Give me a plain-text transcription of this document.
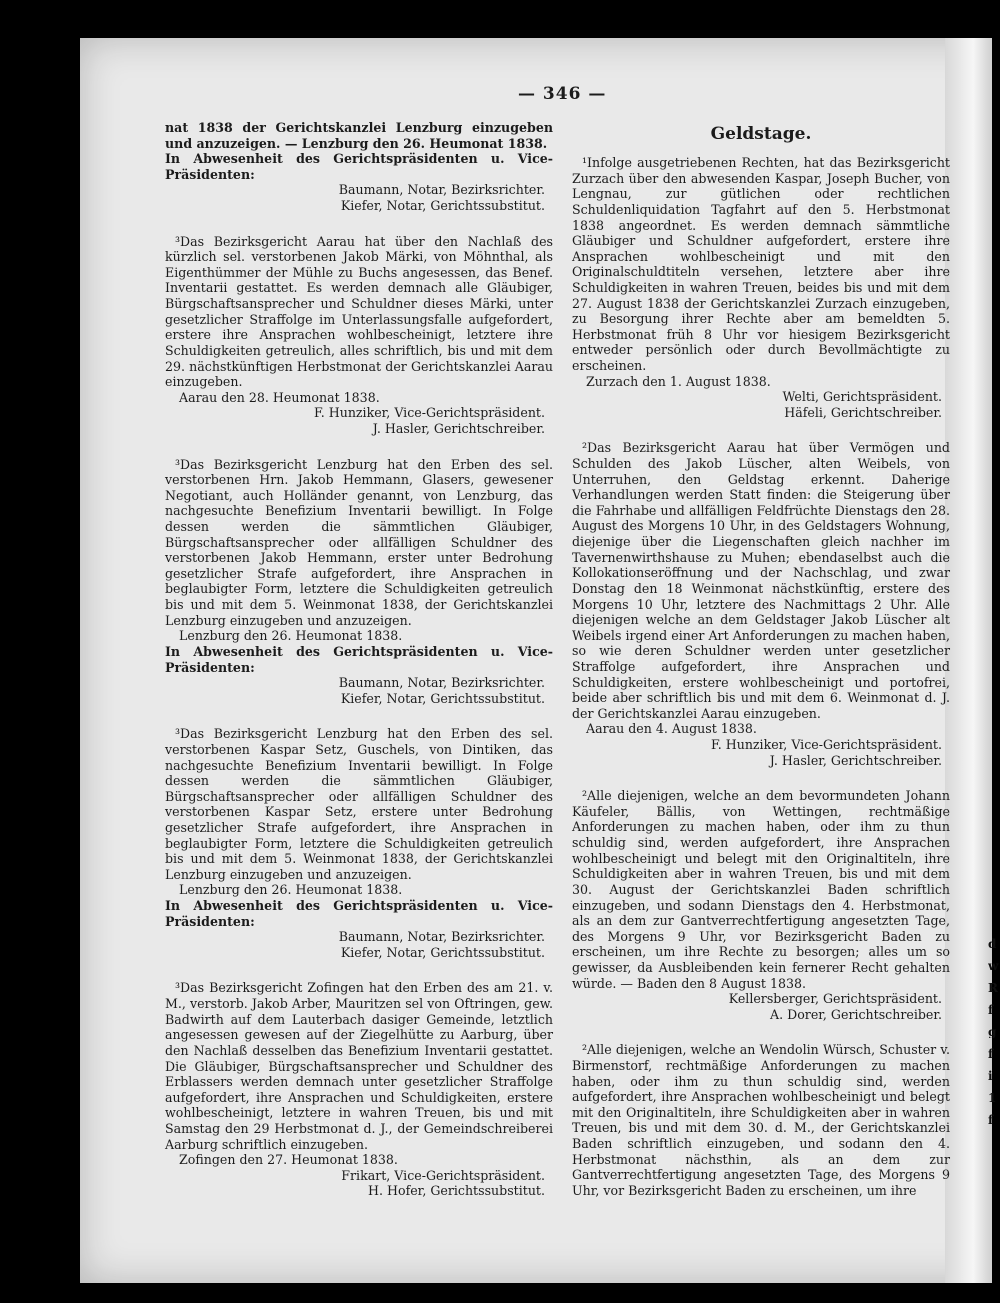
— 346 —

nat 1838 der Gerichtskanzlei Lenzburg einzugeben und anzuzeigen. — Lenzburg den 26. Heumonat 1838.

In Abwesenheit des Gerichtspräsidenten u. Vice-Präsidenten:

Baumann, Notar, Bezirksrichter.
Kiefer, Notar, Gerichtssubstitut.

³Das Bezirksgericht Aarau hat über den Nachlaß des kürzlich sel. verstorbenen Jakob Märki, von Möhnthal, als Eigenthümmer der Mühle zu Buchs angesessen, das Benef. Inventarii gestattet. Es werden demnach alle Gläubiger, Bürgschaftsansprecher und Schuldner dieses Märki, unter gesetzlicher Straffolge im Unterlassungsfalle aufgefordert, erstere ihre Ansprachen wohlbescheinigt, letztere ihre Schuldigkeiten getreulich, alles schriftlich, bis und mit dem 29. nächstkünftigen Herbstmonat der Gerichtskanzlei Aarau einzugeben.

Aarau den 28. Heumonat 1838.
F. Hunziker, Vice-Gerichtspräsident.
J. Hasler, Gerichtschreiber.

³Das Bezirksgericht Lenzburg hat den Erben des sel. verstorbenen Hrn. Jakob Hemmann, Glasers, gewesener Negotiant, auch Holländer genannt, von Lenzburg, das nachgesuchte Benefizium Inventarii bewilligt. In Folge dessen werden die sämmtlichen Gläubiger, Bürgschaftsansprecher oder allfälligen Schuldner des verstorbenen Jakob Hemmann, erster unter Bedrohung gesetzlicher Strafe aufgefordert, ihre Ansprachen in beglaubigter Form, letztere die Schuldigkeiten getreulich bis und mit dem 5. Weinmonat 1838, der Gerichtskanzlei Lenzburg einzugeben und anzuzeigen.

Lenzburg den 26. Heumonat 1838.

In Abwesenheit des Gerichtspräsidenten u. Vice-Präsidenten:

Baumann, Notar, Bezirksrichter.
Kiefer, Notar, Gerichtssubstitut.

³Das Bezirksgericht Lenzburg hat den Erben des sel. verstorbenen Kaspar Setz, Guschels, von Dintiken, das nachgesuchte Benefizium Inventarii bewilligt. In Folge dessen werden die sämmtlichen Gläubiger, Bürgschaftsansprecher oder allfälligen Schuldner des verstorbenen Kaspar Setz, erstere unter Bedrohung gesetzlicher Strafe aufgefordert, ihre Ansprachen in beglaubigter Form, letztere die Schuldigkeiten getreulich bis und mit dem 5. Weinmonat 1838, der Gerichtskanzlei Lenzburg einzugeben und anzuzeigen.

Lenzburg den 26. Heumonat 1838.

In Abwesenheit des Gerichtspräsidenten u. Vice-Präsidenten:

Baumann, Notar, Bezirksrichter.
Kiefer, Notar, Gerichtssubstitut.

³Das Bezirksgericht Zofingen hat den Erben des am 21. v. M., verstorb. Jakob Arber, Mauritzen sel von Oftringen, gew. Badwirth auf dem Lauterbach dasiger Gemeinde, letztlich angesessen gewesen auf der Ziegelhütte zu Aarburg, über den Nachlaß desselben das Benefizium Inventarii gestattet. Die Gläubiger, Bürgschaftsansprecher und Schuldner des Erblassers werden demnach unter gesetzlicher Straffolge aufgefordert, ihre Ansprachen und Schuldigkeiten, erstere wohlbescheinigt, letztere in wahren Treuen, bis und mit Samstag den 29 Herbstmonat d. J., der Gemeindschreiberei Aarburg schriftlich einzugeben.

Zofingen den 27. Heumonat 1838.
Frikart, Vice-Gerichtspräsident.
H. Hofer, Gerichtssubstitut.
Geldstage.

¹Infolge ausgetriebenen Rechten, hat das Bezirksgericht Zurzach über den abwesenden Kaspar, Joseph Bucher, von Lengnau, zur gütlichen oder rechtlichen Schuldenliquidation Tagfahrt auf den 5. Herbstmonat 1838 angeordnet. Es werden demnach sämmtliche Gläubiger und Schuldner aufgefordert, erstere ihre Ansprachen wohlbescheinigt und mit den Originalschuldtiteln versehen, letztere aber ihre Schuldigkeiten in wahren Treuen, beides bis und mit dem 27. August 1838 der Gerichtskanzlei Zurzach einzugeben, zu Besorgung ihrer Rechte aber am bemeldten 5. Herbstmonat früh 8 Uhr vor hiesigem Bezirksgericht entweder persönlich oder durch Bevollmächtigte zu erscheinen.

Zurzach den 1. August 1838.
Welti, Gerichtspräsident.
Häfeli, Gerichtschreiber.

²Das Bezirksgericht Aarau hat über Vermögen und Schulden des Jakob Lüscher, alten Weibels, von Unterruhen, den Geldstag erkennt. Daherige Verhandlungen werden Statt finden: die Steigerung über die Fahrhabe und allfälligen Feldfrüchte Dienstags den 28. August des Morgens 10 Uhr, in des Geldstagers Wohnung, diejenige über die Liegenschaften gleich nachher im Tavernenwirthshause zu Muhen; ebendaselbst auch die Kollokationseröffnung und der Nachschlag, und zwar Donstag den 18 Weinmonat nächstkünftig, erstere des Morgens 10 Uhr, letztere des Nachmittags 2 Uhr. Alle diejenigen welche an dem Geldstager Jakob Lüscher alt Weibels irgend einer Art Anforderungen zu machen haben, so wie deren Schuldner werden unter gesetzlicher Straffolge aufgefordert, ihre Ansprachen und Schuldigkeiten, erstere wohlbescheinigt und portofrei, beide aber schriftlich bis und mit dem 6. Weinmonat d. J. der Gerichtskanzlei Aarau einzugeben.

Aarau den 4. August 1838.
F. Hunziker, Vice-Gerichtspräsident.
J. Hasler, Gerichtschreiber.

²Alle diejenigen, welche an dem bevormundeten Johann Käufeler, Bällis, von Wettingen, rechtmäßige Anforderungen zu machen haben, oder ihm zu thun schuldig sind, werden aufgefordert, ihre Ansprachen wohlbescheinigt und belegt mit den Originaltiteln, ihre Schuldigkeiten aber in wahren Treuen, bis und mit dem 30. August der Gerichtskanzlei Baden schriftlich einzugeben, und sodann Dienstags den 4. Herbstmonat, als an dem zur Gantverrechtfertigung angesetzten Tage, des Morgens 9 Uhr, vor Bezirksgericht Baden zu erscheinen, um ihre Rechte zu besorgen; alles um so gewisser, da Ausbleibenden kein fernerer Recht gehalten würde. — Baden den 8 August 1838.

Kellersberger, Gerichtspräsident.
A. Dorer, Gerichtschreiber.

²Alle diejenigen, welche an Wendolin Würsch, Schuster v. Birmenstorf, rechtmäßige Anforderungen zu machen haben, oder ihm zu thun schuldig sind, werden aufgefordert, ihre Ansprachen wohlbescheinigt und belegt mit den Originaltiteln, ihre Schuldigkeiten aber in wahren Treuen, bis und mit dem 30. d. M., der Gerichtskanzlei Baden schriftlich einzugeben, und sodann den 4. Herbstmonat nächsthin, als an dem zur Gantverrechtfertigung angesetzten Tage, des Morgens 9 Uhr, vor Bezirksgericht Baden zu erscheinen, um ihre

d
w
R
f
g
f
i
1
f
